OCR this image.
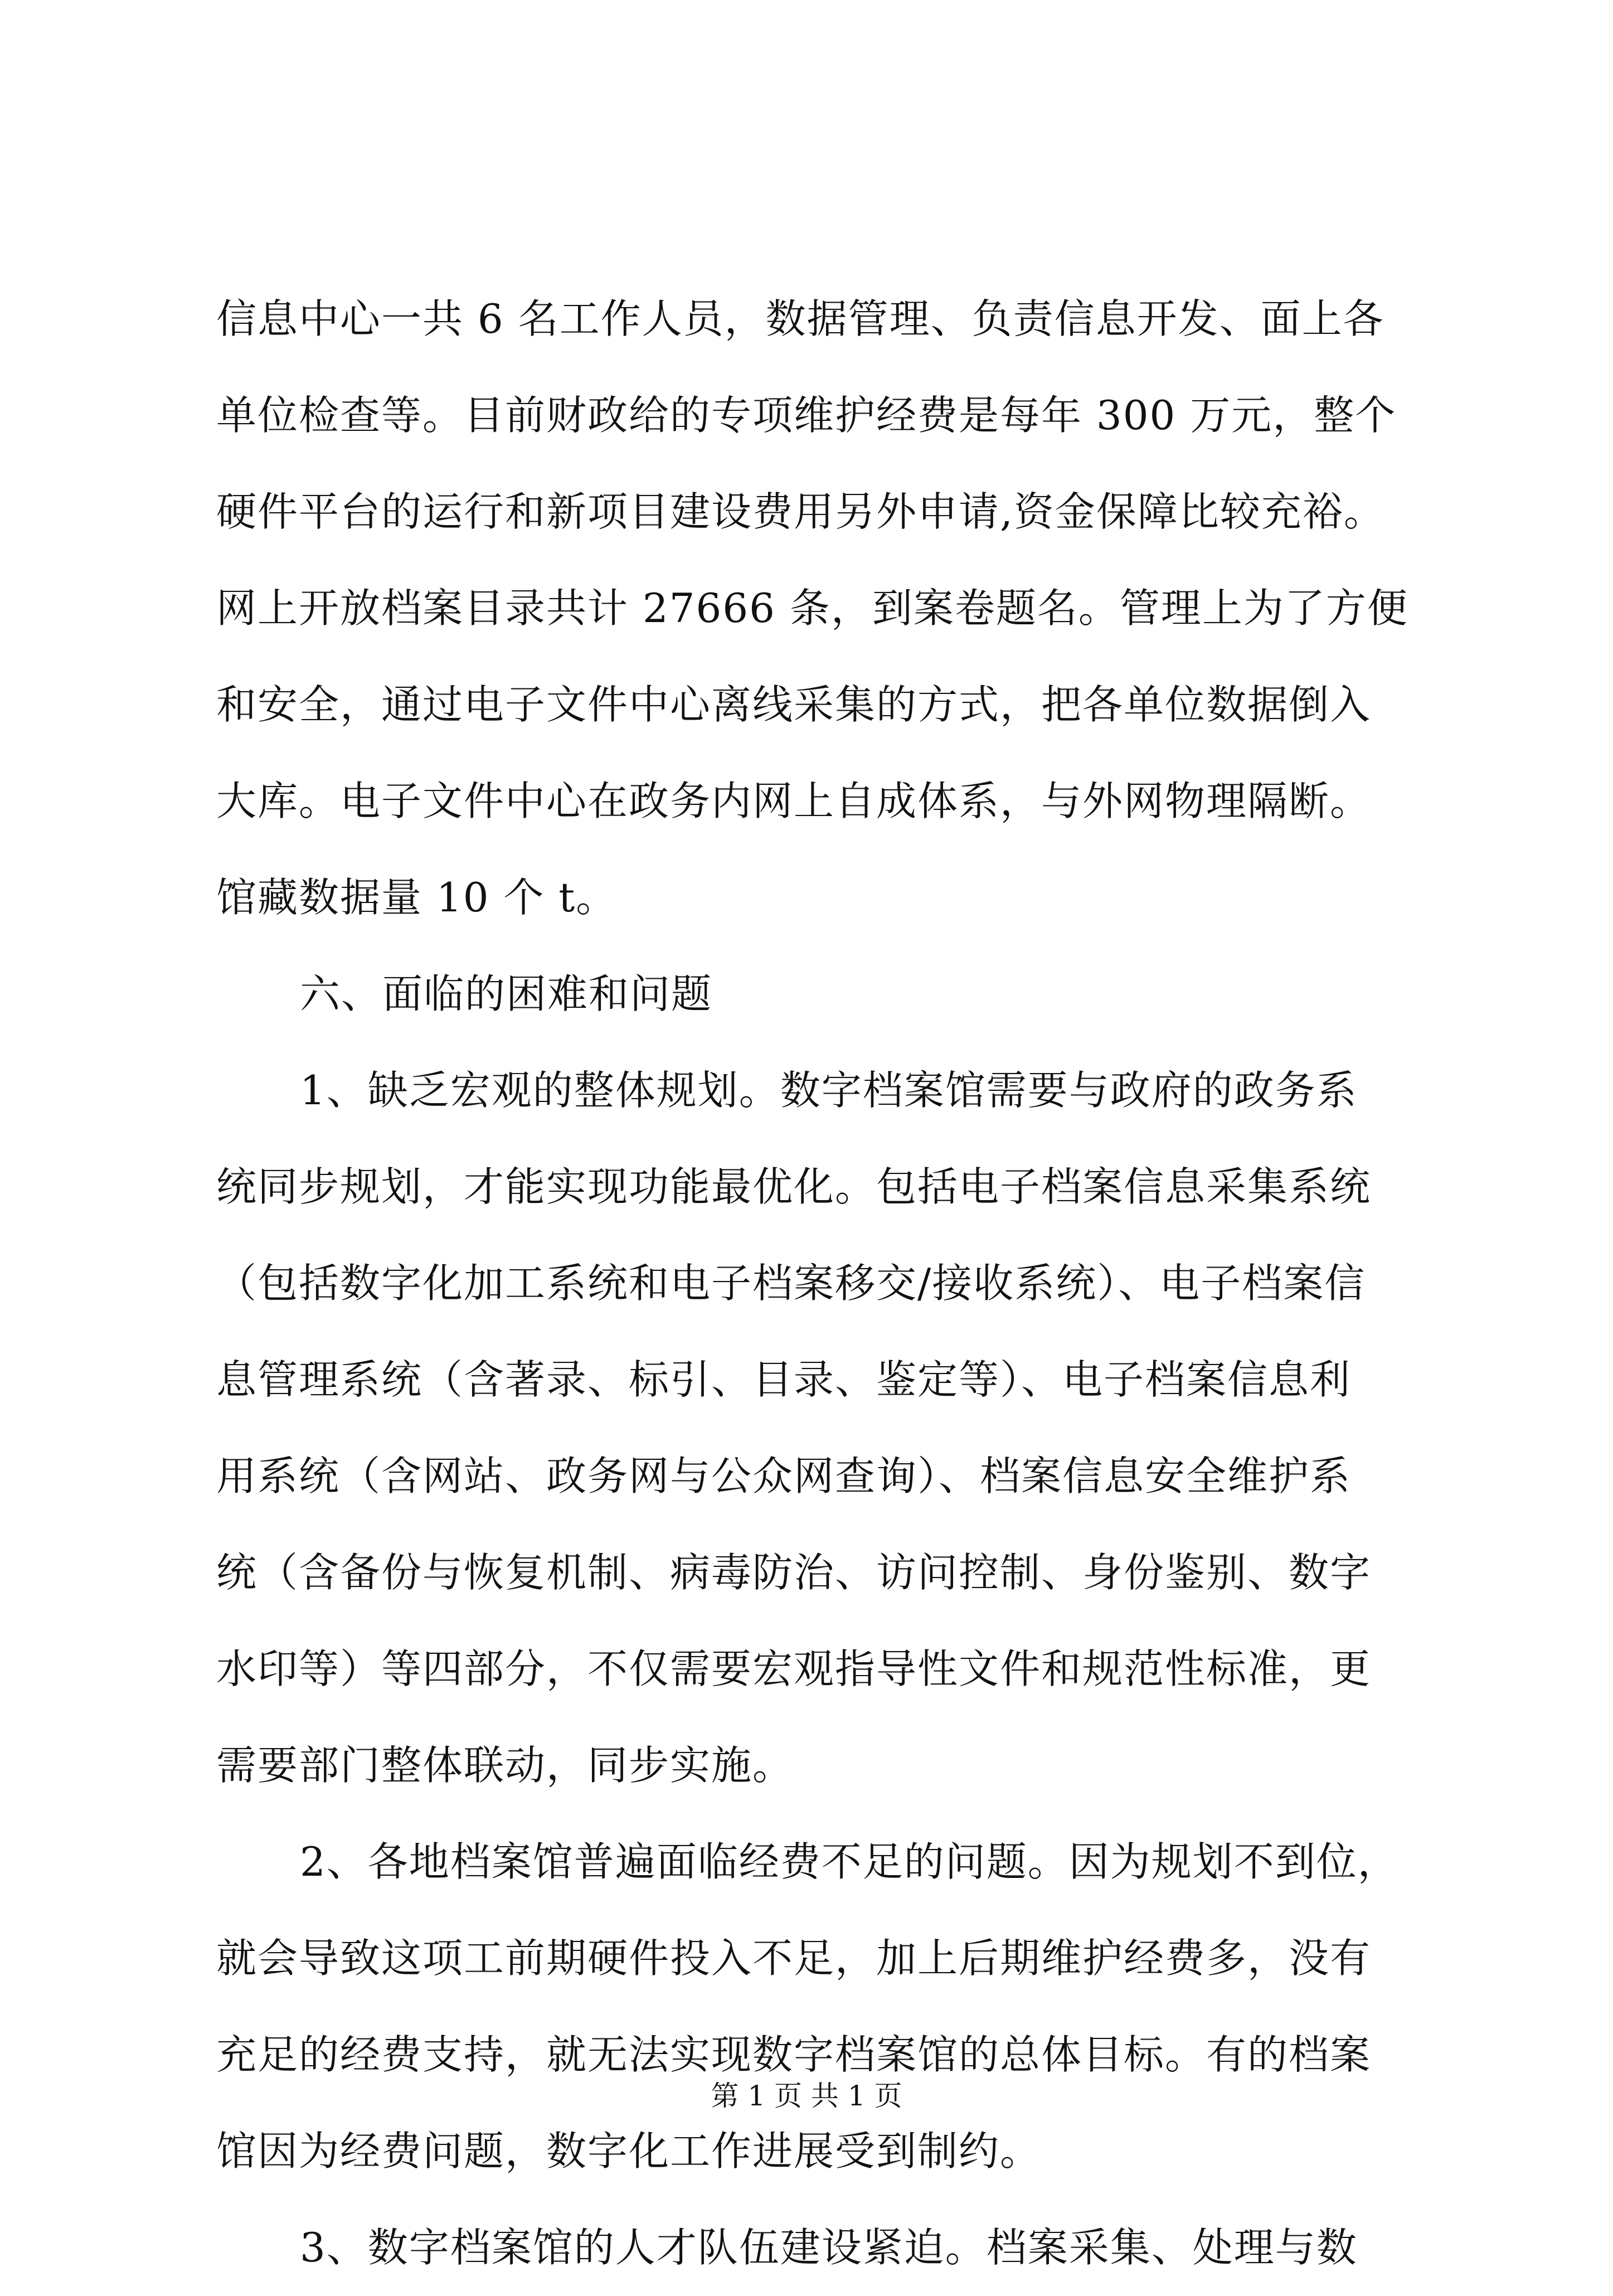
信息中心一共 6 名工作人员，数据管理、负责信息开发、面上各
单位检查等。目前财政给的专项维护经费是每年 300 万元，整个
硬件平台的运行和新项目建设费用另外申请,资金保障比较充裕。
网上开放档案目录共计 27666 条，到案卷题名。管理上为了方便
和安全，通过电子文件中心离线采集的方式，把各单位数据倒入
大库。电子文件中心在政务内网上自成体系，与外网物理隔断。
馆藏数据量 10 个 t。
六、面临的困难和问题
1、缺乏宏观的整体规划。数字档案馆需要与政府的政务系
统同步规划，才能实现功能最优化。包括电子档案信息采集系统
（包括数字化加工系统和电子档案移交/接收系统）、电子档案信
息管理系统（含著录、标引、目录、鉴定等）、电子档案信息利
用系统（含网站、政务网与公众网查询）、档案信息安全维护系
统（含备份与恢复机制、病毒防治、访问控制、身份鉴别、数字
水印等）等四部分，不仅需要宏观指导性文件和规范性标准，更
需要部门整体联动，同步实施。
2、各地档案馆普遍面临经费不足的问题。因为规划不到位，
就会导致这项工前期硬件投入不足，加上后期维护经费多，没有
充足的经费支持，就无法实现数字档案馆的总体目标。有的档案
馆因为经费问题，数字化工作进展受到制约。
3、数字档案馆的人才队伍建设紧迫。档案采集、处理与数
第 1 页 共 1 页
